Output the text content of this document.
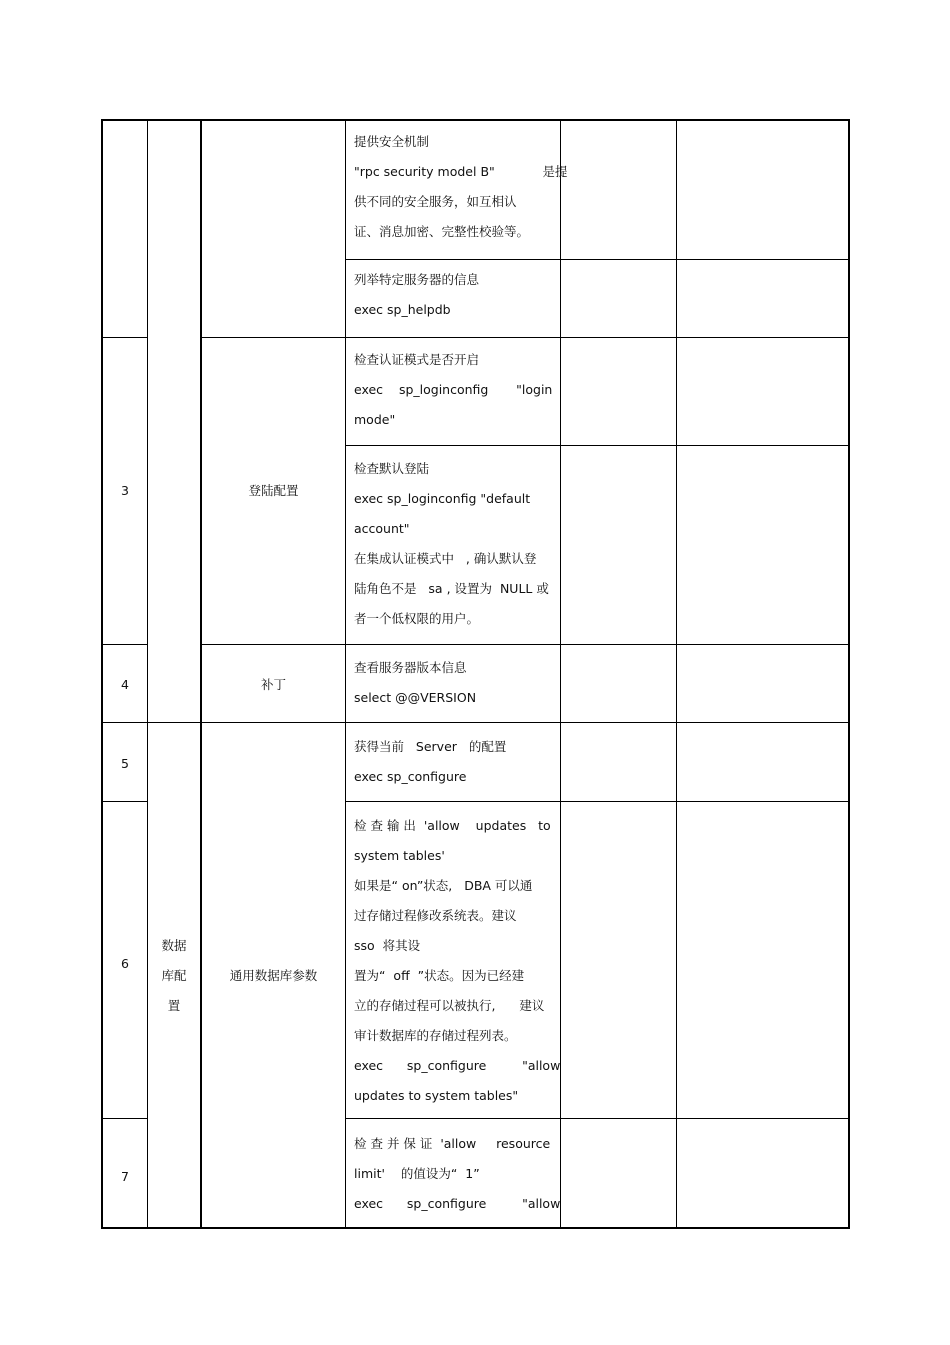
3
4
5
6
7
数据
库配
置
登陆配置
补丁
通用数据库参数
提供安全机制
"rpc security model B"            是提
供不同的安全服务，如互相认
证、消息加密、完整性校验等。
列举特定服务器的信息
exec sp_helpdb
检查认证模式是否开启
exec    sp_loginconfig       "login
mode"
检查默认登陆
exec sp_loginconfig "default
account"
在集成认证模式中   , 确认默认登
陆角色不是   sa , 设置为  NULL 或
者一个低权限的用户。
查看服务器版本信息
select @@VERSION
获得当前   Server   的配置
exec sp_configure
检 查 输 出  'allow    updates   to
system tables'
如果是“ on”状态,   DBA 可以通
过存储过程修改系统表。建议
sso  将其设
置为“  off  ”状态。因为已经建
立的存储过程可以被执行,      建议
审计数据库的存储过程列表。
exec      sp_configure         "allow
updates to system tables"
检 查 并 保 证  'allow     resource
limit'    的值设为“  1”
exec      sp_configure         "allow
